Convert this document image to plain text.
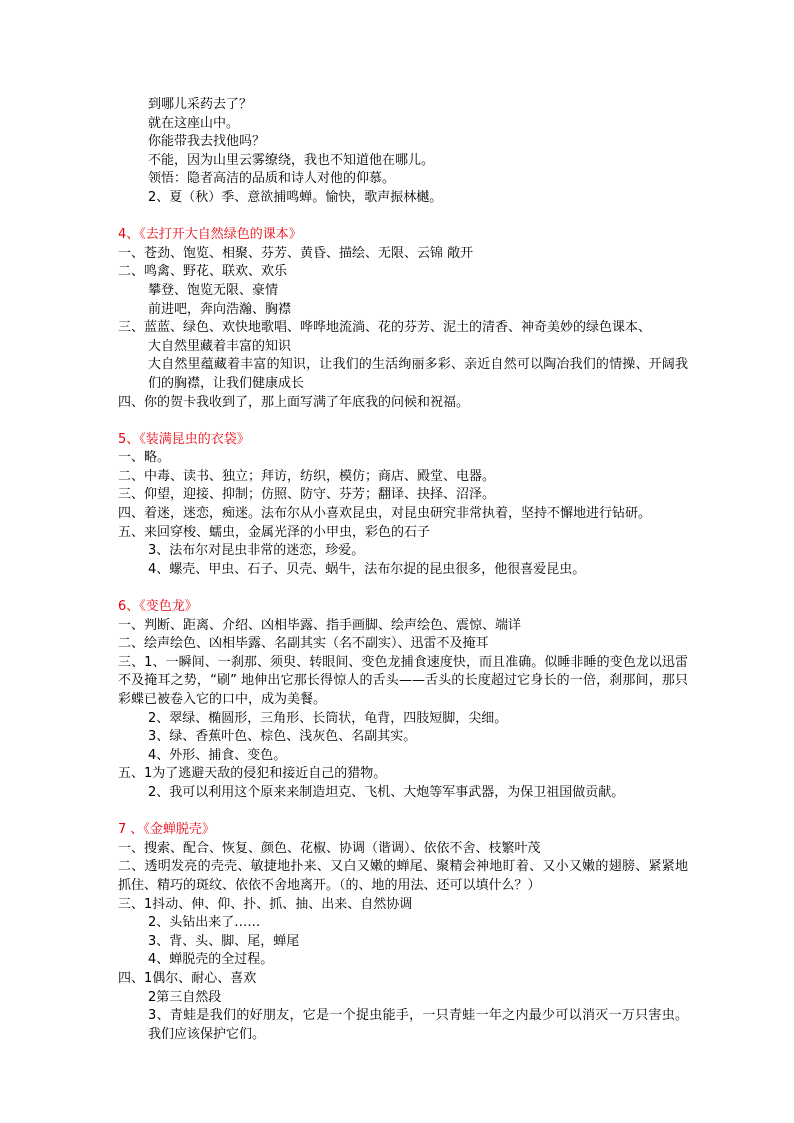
到哪儿采药去了？
就在这座山中。
你能带我去找他吗？
不能，因为山里云雾缭绕，我也不知道他在哪儿。
领悟：隐者高洁的品质和诗人对他的仰慕。
2、夏（秋）季、意欲捕鸣蝉。愉快，歌声振林樾。
4、《去打开大自然绿色的课本》
一、苍劲、饱览、相聚、芬芳、黄昏、描绘、无限、云锦 敞开
二、鸣禽、野花、联欢、欢乐
攀登、饱览无限、豪情
前进吧，奔向浩瀚、胸襟
三、蓝蓝、绿色、欢快地歌唱、哗哗地流淌、花的芬芳、泥土的清香、神奇美妙的绿色课本、
大自然里藏着丰富的知识
大自然里蕴藏着丰富的知识，让我们的生活绚丽多彩、亲近自然可以陶冶我们的情操、开阔我们的胸襟，让我们健康成长
四、你的贺卡我收到了，那上面写满了年底我的问候和祝福。
5、《装满昆虫的衣袋》
一、略。
二、中毒、读书、独立；拜访，纺织，模仿；商店、殿堂、电器。
三、仰望，迎接、抑制；仿照、防守、芬芳；翻译、抉择、沼泽。
四、着迷，迷恋，痴迷。法布尔从小喜欢昆虫，对昆虫研究非常执着，坚持不懈地进行钻研。
五、来回穿梭、蠕虫，金属光泽的小甲虫，彩色的石子
3、法布尔对昆虫非常的迷恋，珍爱。
4、螺壳、甲虫、石子、贝壳、蜗牛，法布尔捉的昆虫很多，他很喜爱昆虫。
6、《变色龙》
一、判断、距离、介绍、凶相毕露、指手画脚、绘声绘色、震惊、端详
二、绘声绘色、凶相毕露、名副其实（名不副实）、迅雷不及掩耳
三、1、一瞬间、一刹那、须臾、转眼间、变色龙捕食速度快，而且准确。似睡非睡的变色龙以迅雷不及掩耳之势，“刷” 地伸出它那长得惊人的舌头——舌头的长度超过它身长的一倍，刹那间，那只彩蝶已被卷入它的口中，成为美餐。
2、翠绿、椭圆形，三角形、长筒状，龟背，四肢短脚，尖细。
3、绿、香蕉叶色、棕色、浅灰色、名副其实。
4、外形、捕食、变色。
五、1为了逃避天敌的侵犯和接近自己的猎物。
2、我可以利用这个原来来制造坦克、飞机、大炮等军事武器，为保卫祖国做贡献。
7 、《金蝉脱壳》
一、搜索、配合、恢复、颜色、花椒、协调（谐调）、依依不舍、枝繁叶茂
二、透明发亮的壳壳、敏捷地扑来、又白又嫩的蝉尾、聚精会神地盯着、又小又嫩的翅膀、紧紧地抓住、精巧的斑纹、依依不舍地离开。（的、地的用法、还可以填什么？）
三、1抖动、伸、仰、扑、抓、抽、出来、自然协调
2、头钻出来了……
3、背、头、脚、尾，蝉尾
4、蝉脱壳的全过程。
四、1偶尔、耐心、喜欢
2第三自然段
3、青蛙是我们的好朋友，它是一个捉虫能手，一只青蛙一年之内最少可以消灭一万只害虫。我们应该保护它们。
